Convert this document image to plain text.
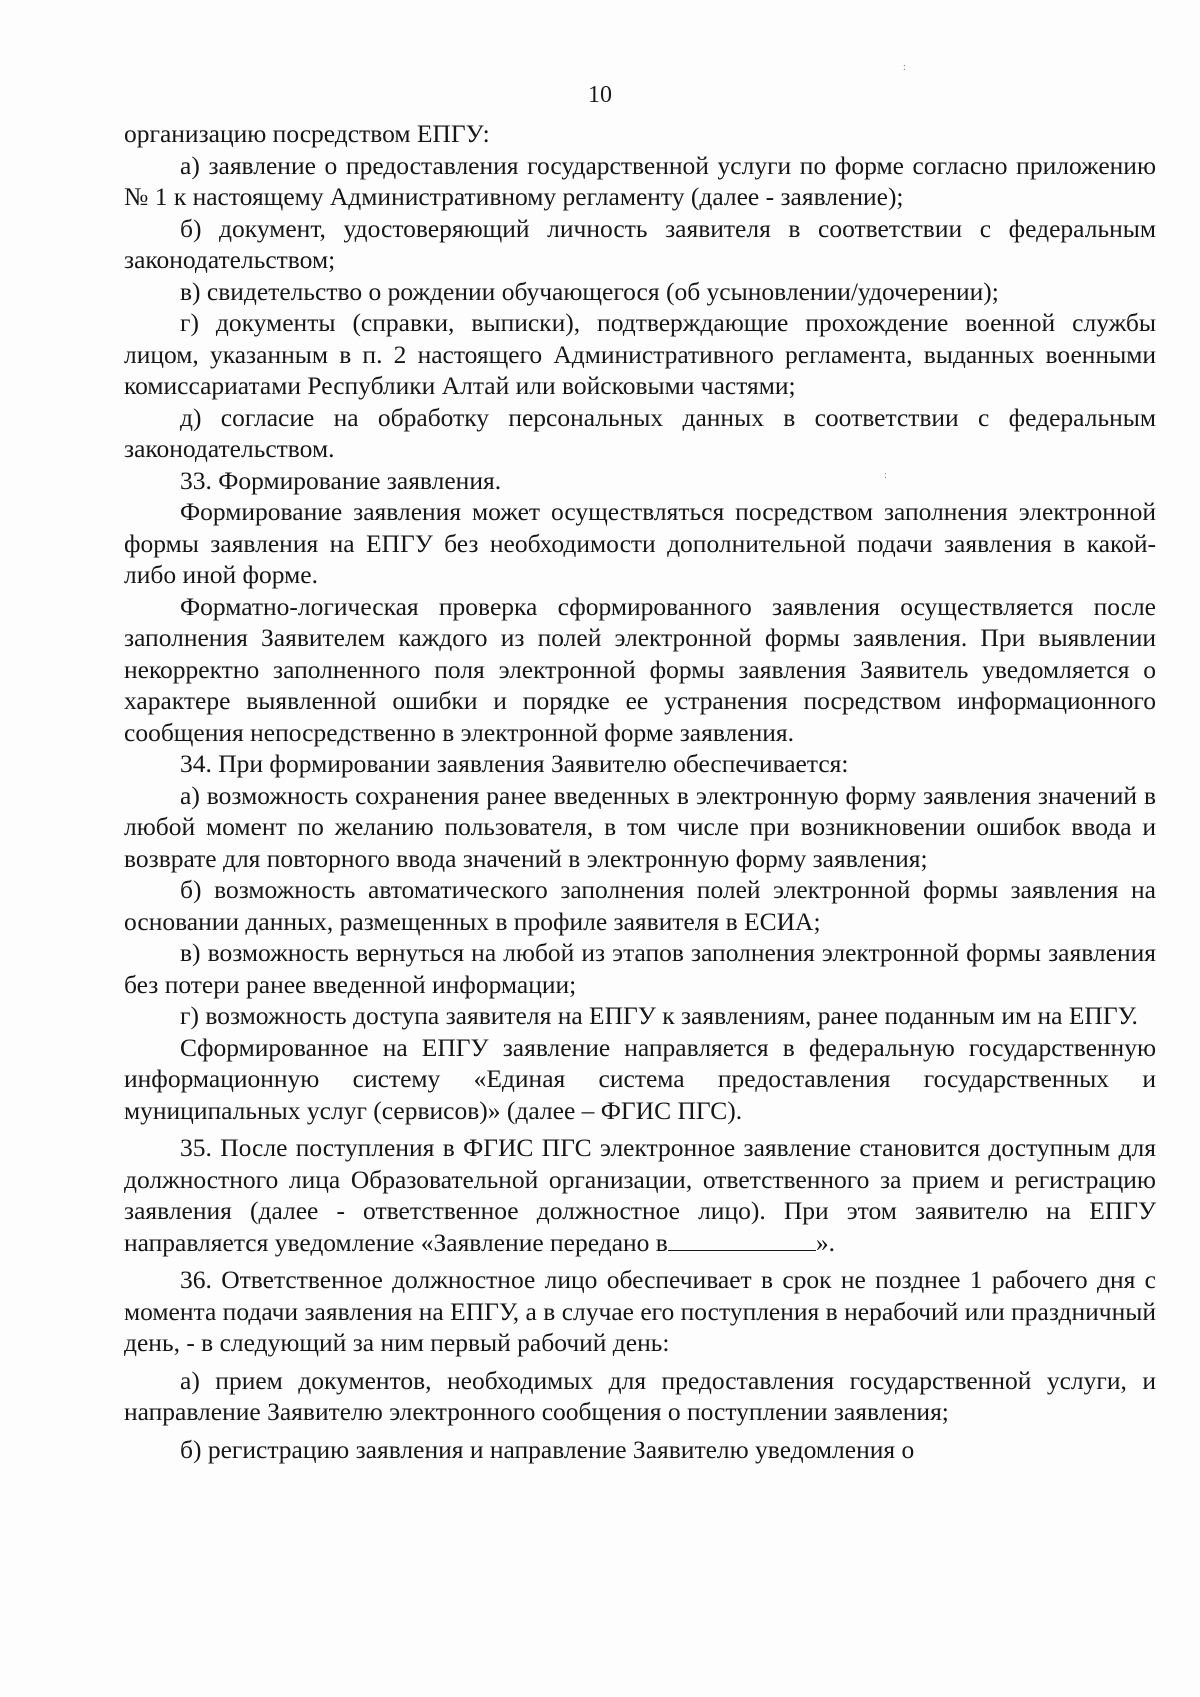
:
:
10

организацию посредством ЕПГУ:

а) заявление о предоставления государственной услуги по форме согласно приложению № 1 к настоящему Административному регламенту (далее - заявление);

б) документ, удостоверяющий личность заявителя в соответствии с федеральным законодательством;

в) свидетельство о рождении обучающегося (об усыновлении/удочерении);

г) документы (справки, выписки), подтверждающие прохождение военной службы лицом, указанным в п. 2 настоящего Административного регламента, выданных военными комиссариатами Республики Алтай или войсковыми частями;

д) согласие на обработку персональных данных в соответствии с федеральным законодательством.

33. Формирование заявления.

Формирование заявления может осуществляться посредством заполнения электронной формы заявления на ЕПГУ без необходимости дополнительной подачи заявления в какой-либо иной форме.

Форматно-логическая проверка сформированного заявления осуществляется после заполнения Заявителем каждого из полей электронной формы заявления. При выявлении некорректно заполненного поля электронной формы заявления Заявитель уведомляется о характере выявленной ошибки и порядке ее устранения посредством информационного сообщения непосредственно в электронной форме заявления.

34. При формировании заявления Заявителю обеспечивается:

а) возможность сохранения ранее введенных в электронную форму заявления значений в любой момент по желанию пользователя, в том числе при возникновении ошибок ввода и возврате для повторного ввода значений в электронную форму заявления;

б) возможность автоматического заполнения полей электронной формы заявления на основании данных, размещенных в профиле заявителя в ЕСИА;

в) возможность вернуться на любой из этапов заполнения электронной формы заявления без потери ранее введенной информации;

г) возможность доступа заявителя на ЕПГУ к заявлениям, ранее поданным им на ЕПГУ.

Сформированное на ЕПГУ заявление направляется в федеральную государственную информационную систему «Единая система предоставления государственных и муниципальных услуг (сервисов)» (далее – ФГИС ПГС).

35. После поступления в ФГИС ПГС электронное заявление становится доступным для должностного лица Образовательной организации, ответственного за прием и регистрацию заявления (далее - ответственное должностное лицо). При этом заявителю на ЕПГУ направляется уведомление «Заявление передано в	».

36. Ответственное должностное лицо обеспечивает в срок не позднее 1 рабочего дня с момента подачи заявления на ЕПГУ, а в случае его поступления в нерабочий или праздничный день, - в следующий за ним первый рабочий день:

а) прием документов, необходимых для предоставления государственной услуги, и направление Заявителю электронного сообщения о поступлении заявления;

б) регистрацию заявления и направление Заявителю уведомления о
